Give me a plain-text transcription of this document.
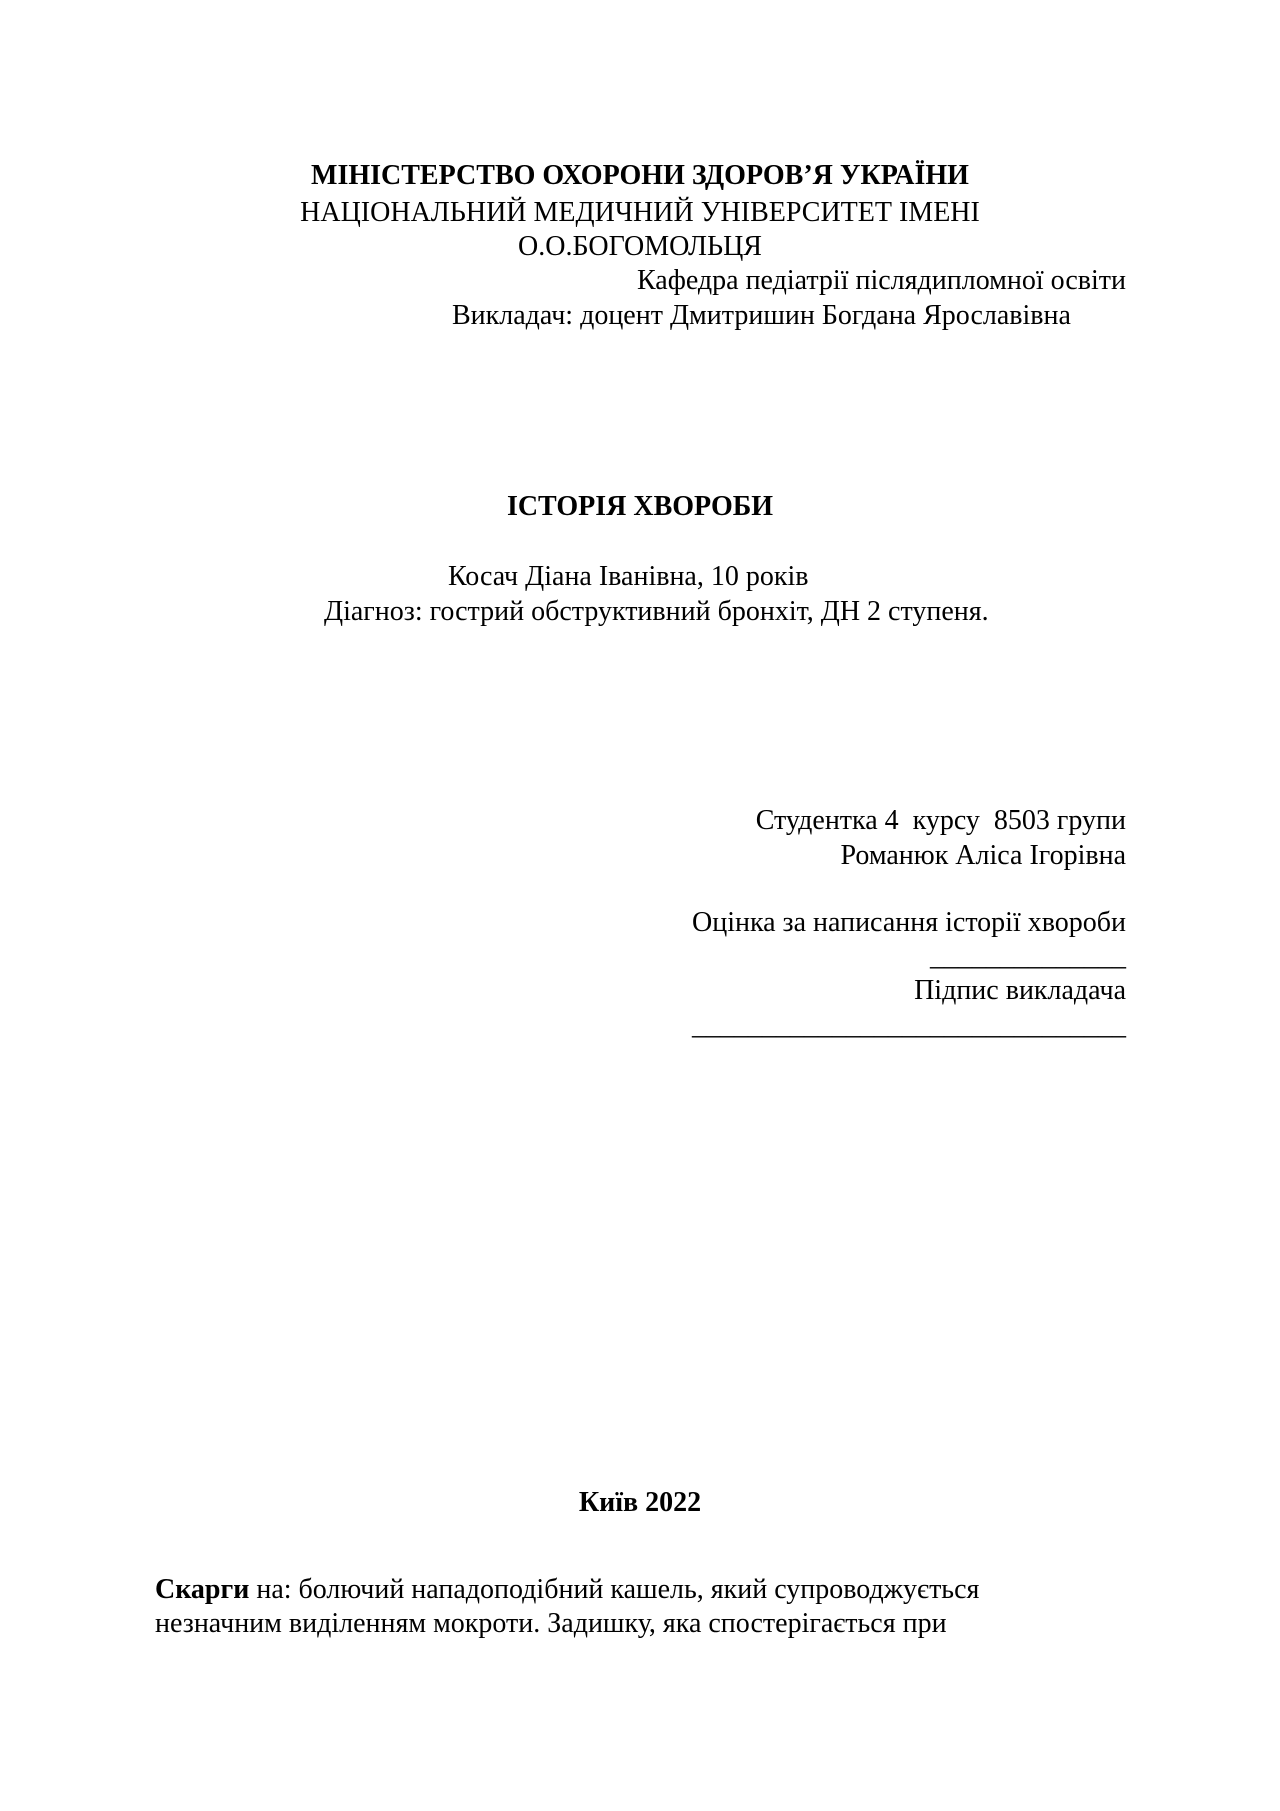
МІНІСТЕРСТВО ОХОРОНИ ЗДОРОВ’Я УКРАЇНИ
НАЦІОНАЛЬНИЙ МЕДИЧНИЙ УНІВЕРСИТЕТ ІМЕНІ
О.О.БОГОМОЛЬЦЯ
Кафедра педіатрії післядипломної освіти
Викладач: доцент Дмитришин Богдана Ярославівна
ІСТОРІЯ ХВОРОБИ
Косач Діана Іванівна, 10 років
Діагноз: гострий обструктивний бронхіт, ДН 2 ступеня.
Студентка 4  курсу  8503 групи
Романюк Аліса Ігорівна
Оцінка за написання історії хвороби
______________
Підпис викладача
_______________________________
Київ 2022
Скарги на: болючий нападоподібний кашель, який супроводжується
незначним виділенням мокроти. Задишку, яка спостерігається при
